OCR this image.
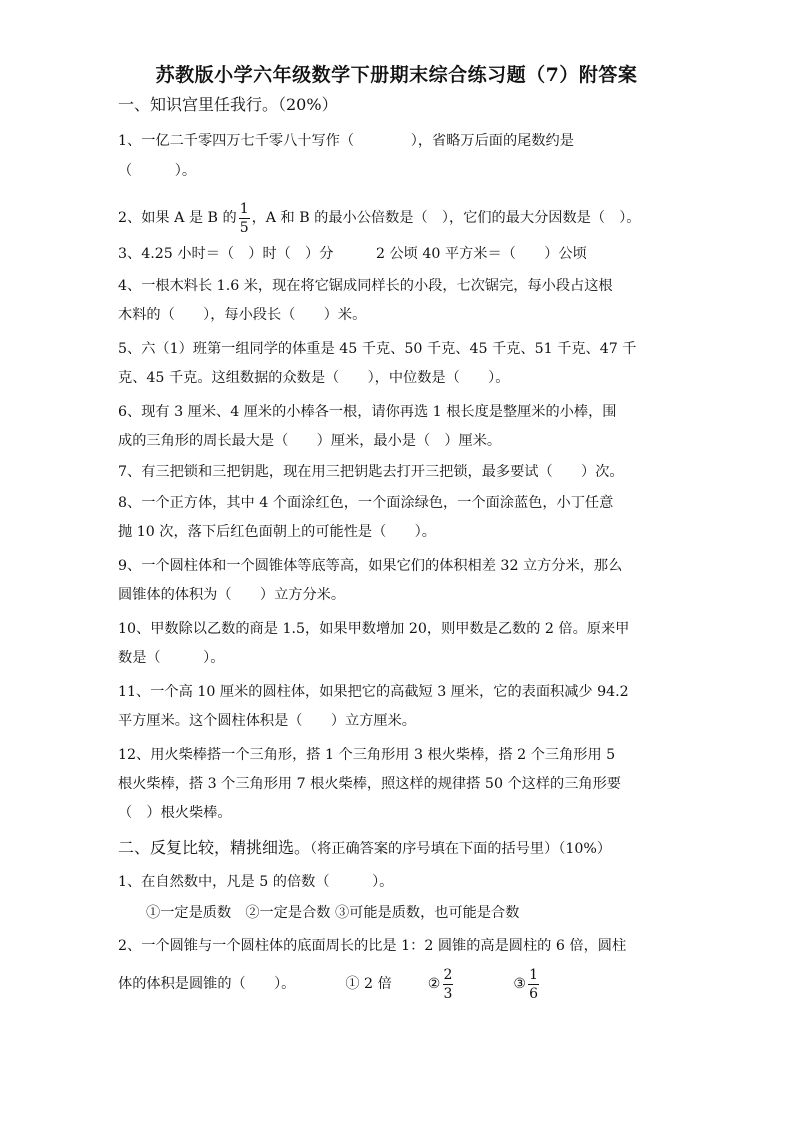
苏教版小学六年级数学下册期末综合练习题（7）附答案
一、知识宫里任我行。（20%）
1、一亿二千零四万七千零八十写作（　　　　），省略万后面的尾数约是
（　　　）。
2、如果 A 是 B 的 $\frac{1}{5}$ ，A 和 B 的最小公倍数是（　），它们的最大分因数是（　）。
3、4.25 小时＝（　）时（　）分　　　2 公顷 40 平方米＝（　　）公顷
4、一根木料长 1.6 米，现在将它锯成同样长的小段，七次锯完，每小段占这根
木料的（　　），每小段长（　　）米。
5、六（1）班第一组同学的体重是 45 千克、50 千克、45 千克、51 千克、47 千
克、45 千克。这组数据的众数是（　　），中位数是（　　）。
6、现有 3 厘米、4 厘米的小棒各一根，请你再选 1 根长度是整厘米的小棒，围
成的三角形的周长最大是（　　）厘米，最小是（　）厘米。
7、有三把锁和三把钥匙，现在用三把钥匙去打开三把锁，最多要试（　　）次。
8、一个正方体，其中 4 个面涂红色，一个面涂绿色，一个面涂蓝色，小丁任意
抛 10 次，落下后红色面朝上的可能性是（　　）。
9、一个圆柱体和一个圆锥体等底等高，如果它们的体积相差 32 立方分米，那么
圆锥体的体积为（　　）立方分米。
10、甲数除以乙数的商是 1.5，如果甲数增加 20，则甲数是乙数的 2 倍。原来甲
数是（　　　）。
11、一个高 10 厘米的圆柱体，如果把它的高截短 3 厘米，它的表面积减少 94.2
平方厘米。这个圆柱体积是（　　）立方厘米。
12、用火柴棒搭一个三角形，搭 1 个三角形用 3 根火柴棒，搭 2 个三角形用 5
根火柴棒，搭 3 个三角形用 7 根火柴棒，照这样的规律搭 50 个这样的三角形要
（　）根火柴棒。
二、反复比较，精挑细选。（将正确答案的序号填在下面的括号里）（10%）
1、在自然数中，凡是 5 的倍数（　　　）。
①一定是质数　②一定是合数 ③可能是质数，也可能是合数
2、一个圆锥与一个圆柱体的底面周长的比是 1：2 圆锥的高是圆柱的 6 倍，圆柱
体的体积是圆锥的（　　）。	① 2 倍	② $\frac{2}{3}$	③ $\frac{1}{6}$
